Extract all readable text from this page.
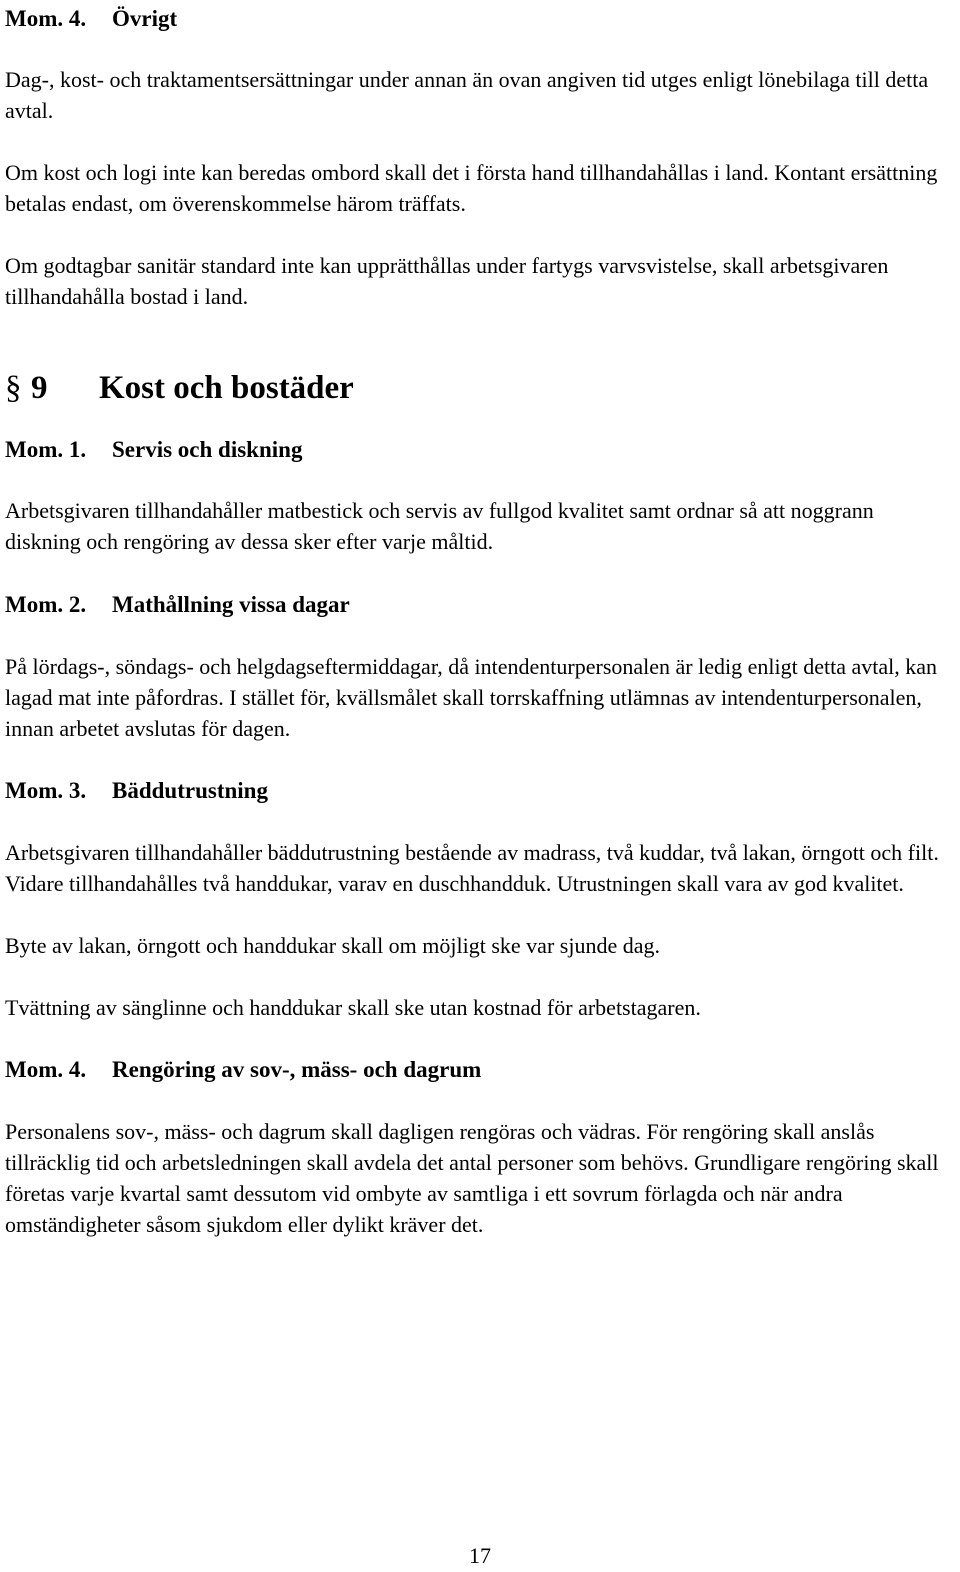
Mom. 4. Övrigt

Dag-, kost- och traktamentsersättningar under annan än ovan angiven tid utges enligt lönebilaga till detta avtal.

Om kost och logi inte kan beredas ombord skall det i första hand tillhandahållas i land. Kontant ersättning betalas endast, om överenskommelse härom träffats.

Om godtagbar sanitär standard inte kan upprätthållas under fartygs varvsvistelse, skall arbetsgivaren tillhandahålla bostad i land.

§ 9 Kost och bostäder
Mom. 1. Servis och diskning

Arbetsgivaren tillhandahåller matbestick och servis av fullgod kvalitet samt ordnar så att noggrann diskning och rengöring av dessa sker efter varje måltid.

Mom. 2. Mathållning vissa dagar

På lördags-, söndags- och helgdagseftermiddagar, då intendenturpersonalen är ledig enligt detta avtal, kan lagad mat inte påfordras. I stället för, kvällsmålet skall torrskaffning utlämnas av intendenturpersonalen, innan arbetet avslutas för dagen.

Mom. 3. Bäddutrustning

Arbetsgivaren tillhandahåller bäddutrustning bestående av madrass, två kuddar, två lakan, örngott och filt. Vidare tillhandahålles två handdukar, varav en duschhandduk. Utrustningen skall vara av god kvalitet.

Byte av lakan, örngott och handdukar skall om möjligt ske var sjunde dag.

Tvättning av sänglinne och handdukar skall ske utan kostnad för arbetstagaren.

Mom. 4. Rengöring av sov-, mäss- och dagrum

Personalens sov-, mäss- och dagrum skall dagligen rengöras och vädras. För rengöring skall anslås tillräcklig tid och arbetsledningen skall avdela det antal personer som behövs. Grundligare rengöring skall företas varje kvartal samt dessutom vid ombyte av samtliga i ett sovrum förlagda och när andra omständigheter såsom sjukdom eller dylikt kräver det.

17
